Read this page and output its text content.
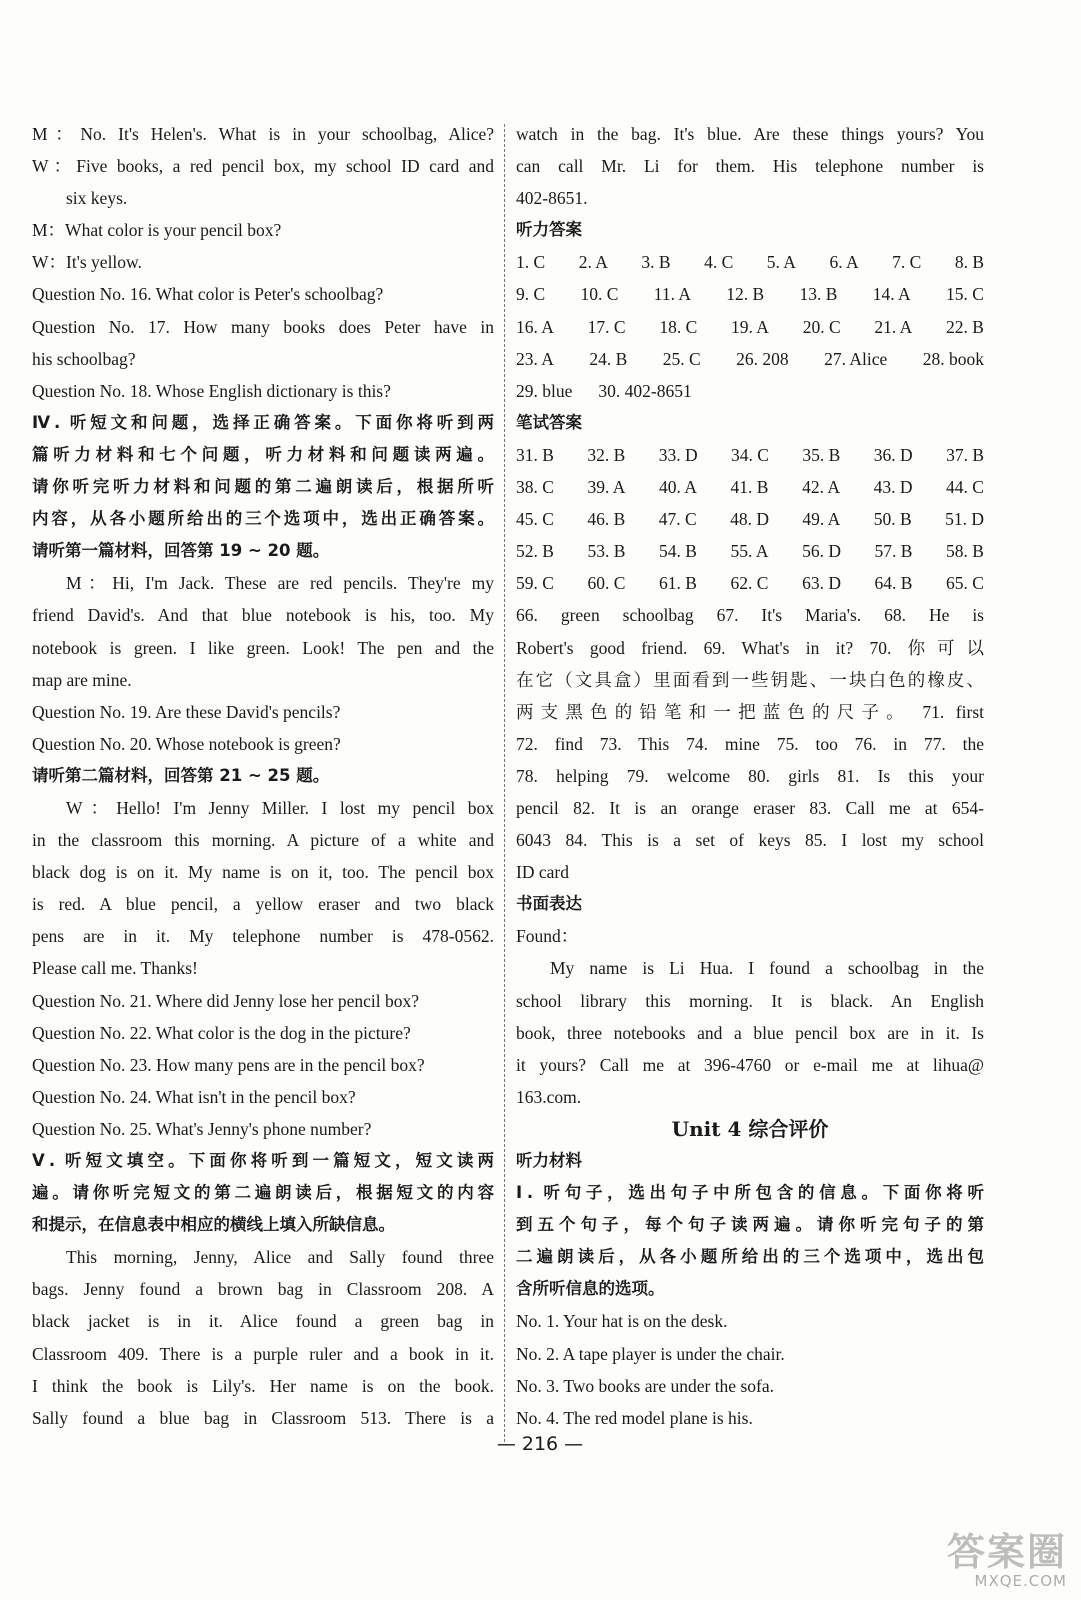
M：No. It's Helen's. What is in your schoolbag, Alice?
W：Five books, a red pencil box, my school ID card and
six keys.
M：What color is your pencil box?
W：It's yellow.
Question No. 16. What color is Peter's schoolbag?
Question No. 17. How many books does Peter have in
his schoolbag?
Question No. 18. Whose English dictionary is this?
Ⅳ. 听短文和问题，选择正确答案。下面你将听到两
篇听力材料和七个问题，听力材料和问题读两遍。
请你听完听力材料和问题的第二遍朗读后，根据所听
内容，从各小题所给出的三个选项中，选出正确答案。
请听第一篇材料，回答第 19 ~ 20 题。
M：Hi, I'm Jack. These are red pencils. They're my
friend David's. And that blue notebook is his, too. My
notebook is green. I like green. Look! The pen and the
map are mine.
Question No. 19. Are these David's pencils?
Question No. 20. Whose notebook is green?
请听第二篇材料，回答第 21 ~ 25 题。
W：Hello! I'm Jenny Miller. I lost my pencil box
in the classroom this morning. A picture of a white and
black dog is on it. My name is on it, too. The pencil box
is red. A blue pencil, a yellow eraser and two black
pens are in it. My telephone number is 478-0562.
Please call me. Thanks!
Question No. 21. Where did Jenny lose her pencil box?
Question No. 22. What color is the dog in the picture?
Question No. 23. How many pens are in the pencil box?
Question No. 24. What isn't in the pencil box?
Question No. 25. What's Jenny's phone number?
Ⅴ. 听短文填空。下面你将听到一篇短文，短文读两
遍。请你听完短文的第二遍朗读后，根据短文的内容
和提示，在信息表中相应的横线上填入所缺信息。
This morning, Jenny, Alice and Sally found three
bags. Jenny found a brown bag in Classroom 208. A
black jacket is in it. Alice found a green bag in
Classroom 409. There is a purple ruler and a book in it.
I think the book is Lily's. Her name is on the book.
Sally found a blue bag in Classroom 513. There is a
watch in the bag. It's blue. Are these things yours? You
can call Mr. Li for them. His telephone number is
402-8651.
听力答案
1. C 2. A 3. B 4. C 5. A 6. A 7. C 8. B
9. C 10. C 11. A 12. B 13. B 14. A 15. C
16. A 17. C 18. C 19. A 20. C 21. A 22. B
23. A 24. B 25. C 26. 208 27. Alice 28. book
29. blue 30. 402-8651
笔试答案
31. B 32. B 33. D 34. C 35. B 36. D 37. B
38. C 39. A 40. A 41. B 42. A 43. D 44. C
45. C 46. B 47. C 48. D 49. A 50. B 51. D
52. B 53. B 54. B 55. A 56. D 57. B 58. B
59. C 60. C 61. B 62. C 63. D 64. B 65. C
66. green schoolbag 67. It's Maria's. 68. He is
Robert's good friend. 69. What's in it? 70. 你可以
在它（文具盒）里面看到一些钥匙、一块白色的橡皮、
两支黑色的铅笔和一把蓝色的尺子。 71. first
72. find 73. This 74. mine 75. too 76. in 77. the
78. helping 79. welcome 80. girls 81. Is this your
pencil 82. It is an orange eraser 83. Call me at 654-
6043 84. This is a set of keys 85. I lost my school
ID card
书面表达
Found：
My name is Li Hua. I found a schoolbag in the
school library this morning. It is black. An English
book, three notebooks and a blue pencil box are in it. Is
it yours? Call me at 396-4760 or e-mail me at lihua@
163.com.
Unit 4 综合评价
听力材料
Ⅰ. 听句子，选出句子中所包含的信息。下面你将听
到五个句子，每个句子读两遍。请你听完句子的第
二遍朗读后，从各小题所给出的三个选项中，选出包
含所听信息的选项。
No. 1. Your hat is on the desk.
No. 2. A tape player is under the chair.
No. 3. Two books are under the sofa.
No. 4. The red model plane is his.
— 216 —
答案圈
MXQE.COM
